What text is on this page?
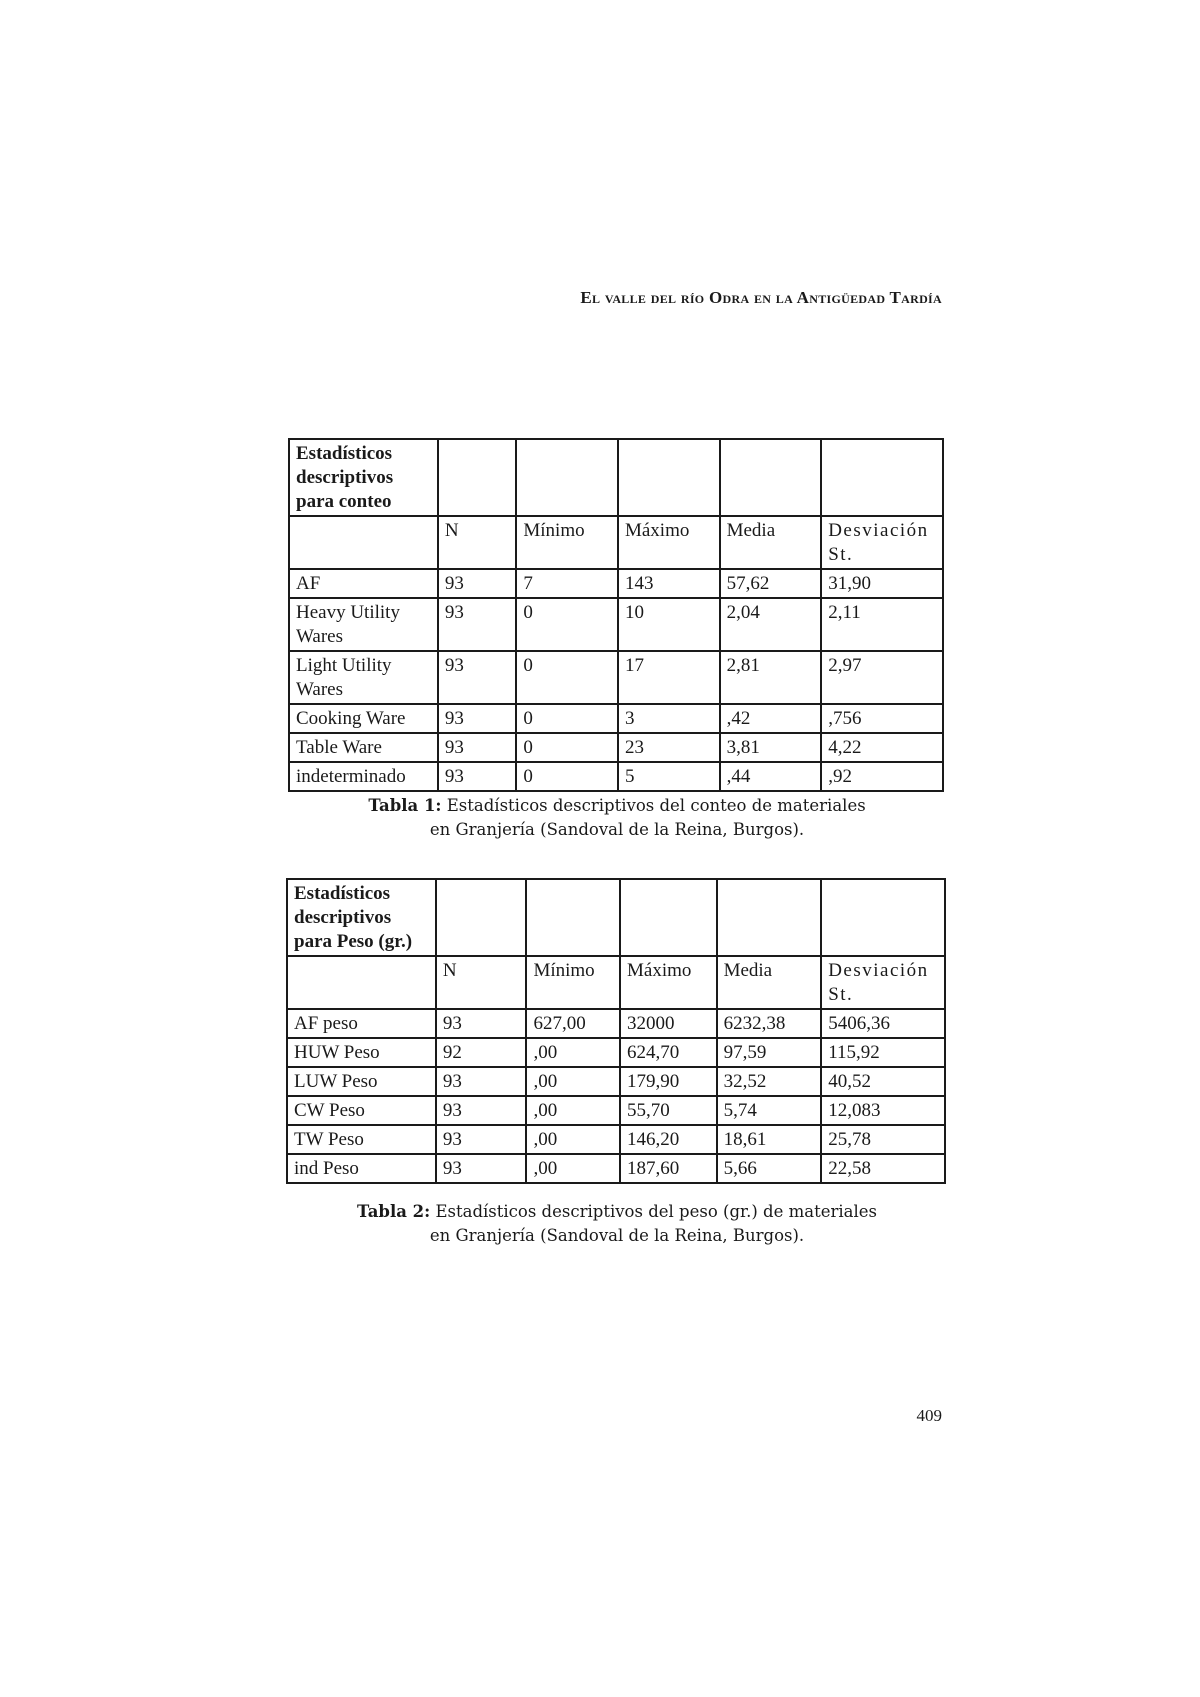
El valle del río Odra en la Antigüedad Tardía
Estadísticos descriptivos para conteo					
	N	Mínimo	Máximo	Media	Desviación St.
AF	93	7	143	57,62	31,90
Heavy Utility Wares	93	0	10	2,04	2,11
Light Utility Wares	93	0	17	2,81	2,97
Cooking Ware	93	0	3	,42	,756
Table Ware	93	0	23	3,81	4,22
indeterminado	93	0	5	,44	,92
Tabla 1: Estadísticos descriptivos del conteo de materiales
en Granjería (Sandoval de la Reina, Burgos).
Estadísticos descriptivos para Peso (gr.)					
	N	Mínimo	Máximo	Media	Desviación St.
AF peso	93	627,00	32000	6232,38	5406,36
HUW Peso	92	,00	624,70	97,59	115,92
LUW Peso	93	,00	179,90	32,52	40,52
CW Peso	93	,00	55,70	5,74	12,083
TW Peso	93	,00	146,20	18,61	25,78
ind Peso	93	,00	187,60	5,66	22,58
Tabla 2: Estadísticos descriptivos del peso (gr.) de materiales
en Granjería (Sandoval de la Reina, Burgos).
409
